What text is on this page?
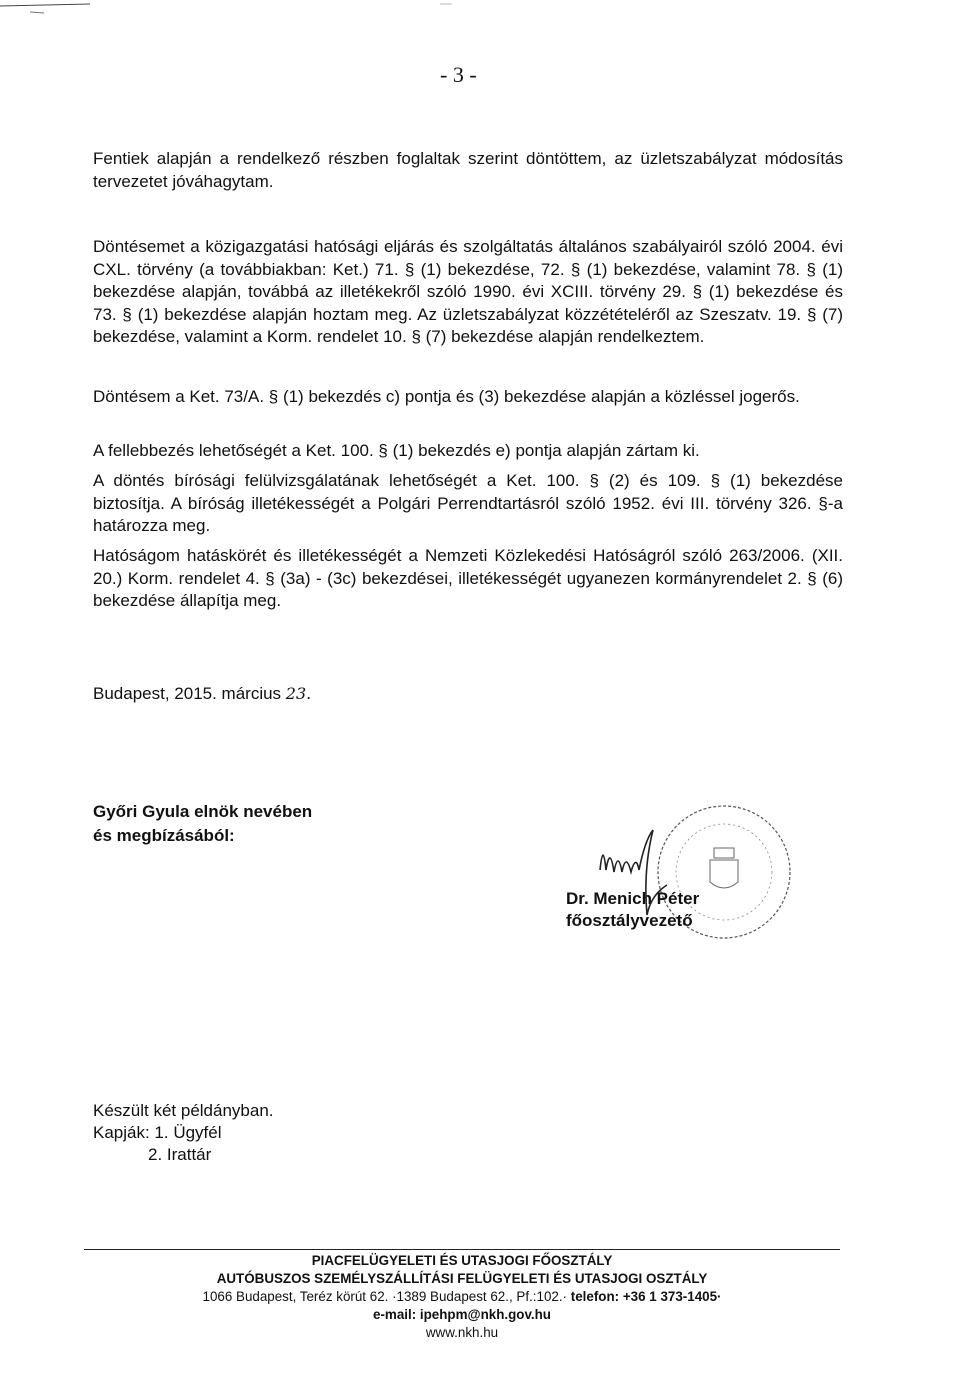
- 3 -

Fentiek alapján a rendelkező részben foglaltak szerint döntöttem, az üzletszabályzat módosítás tervezetet jóváhagytam.

Döntésemet a közigazgatási hatósági eljárás és szolgáltatás általános szabályairól szóló 2004. évi CXL. törvény (a továbbiakban: Ket.) 71. § (1) bekezdése, 72. § (1) bekezdése, valamint 78. § (1) bekezdése alapján, továbbá az illetékekről szóló 1990. évi XCIII. törvény 29. § (1) bekezdése és 73. § (1) bekezdése alapján hoztam meg. Az üzletszabályzat közzétételéről az Szeszatv. 19. § (7) bekezdése, valamint a Korm. rendelet 10. § (7) bekezdése alapján rendelkeztem.

Döntésem a Ket. 73/A. § (1) bekezdés c) pontja és (3) bekezdése alapján a közléssel jogerős.

A fellebbezés lehetőségét a Ket. 100. § (1) bekezdés e) pontja alapján zártam ki.

A döntés bírósági felülvizsgálatának lehetőségét a Ket. 100. § (2) és 109. § (1) bekezdése biztosítja. A bíróság illetékességét a Polgári Perrendtartásról szóló 1952. évi III. törvény 326. §-a határozza meg.

Hatóságom hatáskörét és illetékességét a Nemzeti Közlekedési Hatóságról szóló 263/2006. (XII. 20.) Korm. rendelet 4. § (3a) - (3c) bekezdései, illetékességét ugyanezen kormányrendelet 2. § (6) bekezdése állapítja meg.

Budapest, 2015. március 23.
Győri Gyula elnök nevében
és megbízásából:
Dr. Menich Péter
főosztályvezető
Készült két példányban.
Kapják: 1. Ügyfél
2. Irattár
PIACFELÜGYELETI ÉS UTASJOGI FŐOSZTÁLY
AUTÓBUSZOS SZEMÉLYSZÁLLÍTÁSI FELÜGYELETI ÉS UTASJOGI OSZTÁLY
1066 Budapest, Teréz körút 62. ·1389 Budapest 62., Pf.:102.· telefon: +36 1 373-1405·
e-mail: ipehpm@nkh.gov.hu
www.nkh.hu
